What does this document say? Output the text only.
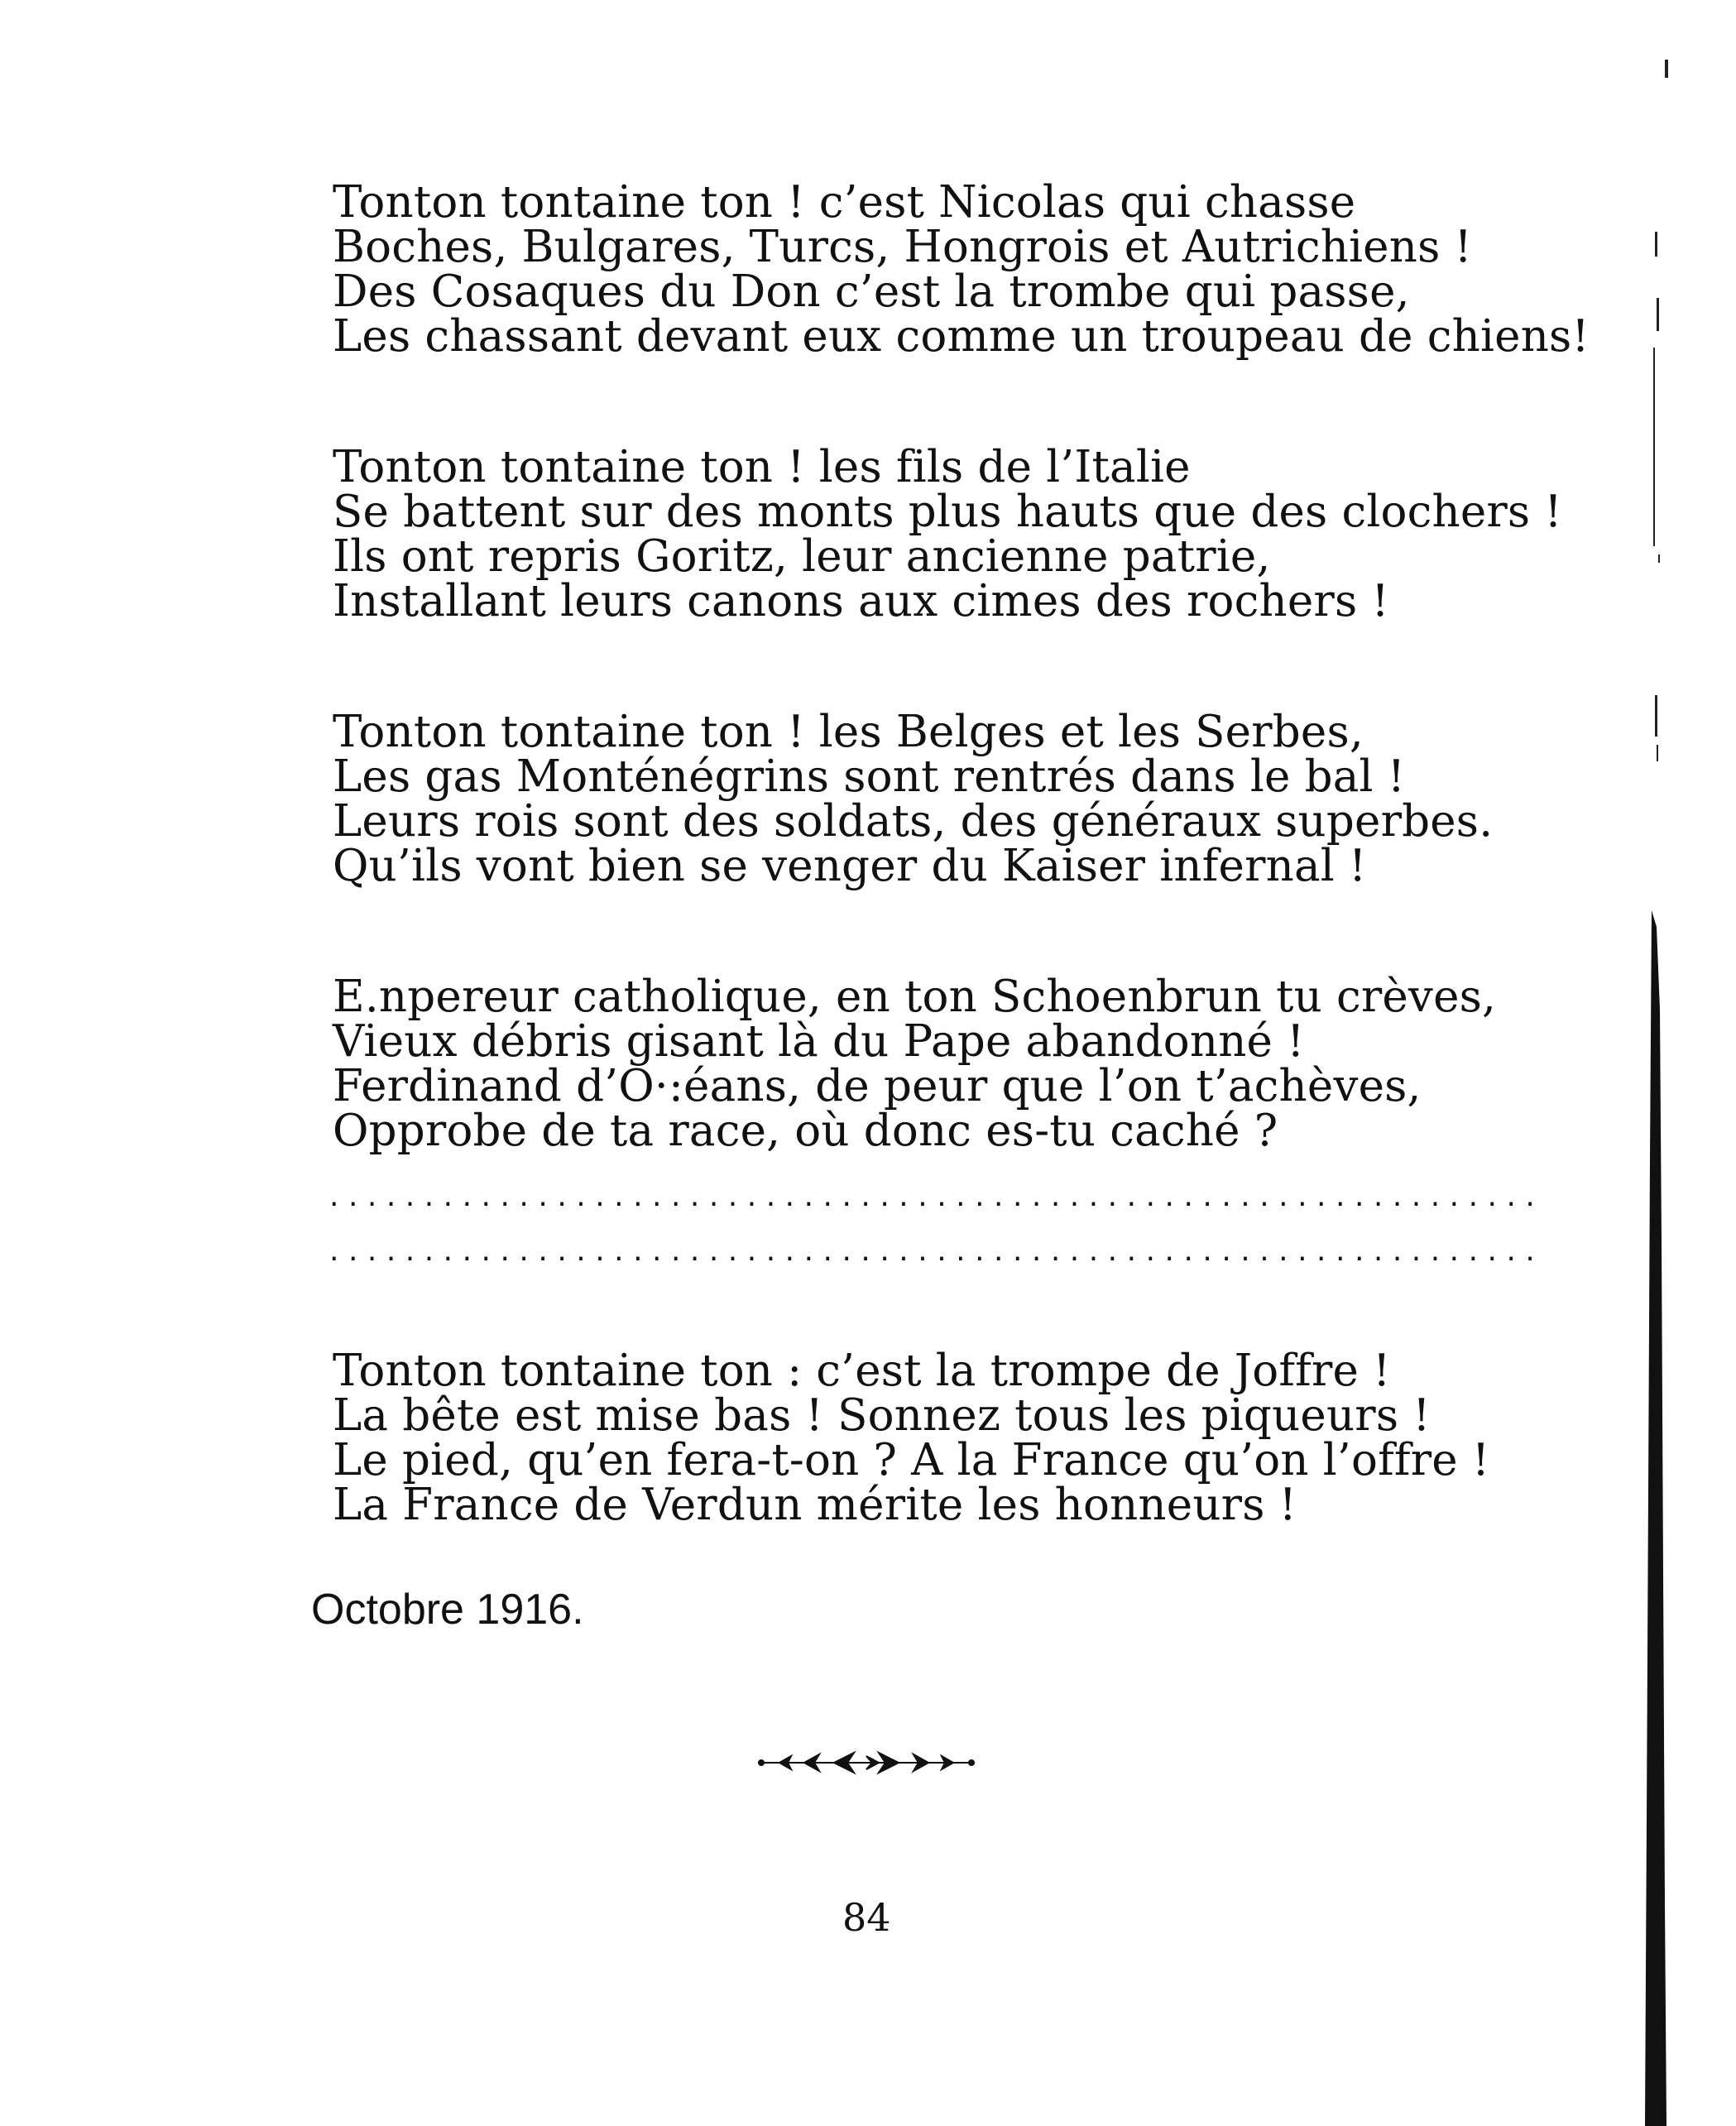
Tonton tontaine ton ! c’est Nicolas qui chasse
Boches, Bulgares, Turcs, Hongrois et Autrichiens !
Des Cosaques du Don c’est la trombe qui passe,
Les chassant devant eux comme un troupeau de chiens!
Tonton tontaine ton ! les fils de l’Italie
Se battent sur des monts plus hauts que des clochers !
Ils ont repris Goritz, leur ancienne patrie,
Installant leurs canons aux cimes des rochers !
Tonton tontaine ton ! les Belges et les Serbes,
Les gas Monténégrins sont rentrés dans le bal !
Leurs rois sont des soldats, des généraux superbes.
Qu’ils vont bien se venger du Kaiser infernal !
E.npereur catholique, en ton Schoenbrun tu crèves,
Vieux débris gisant là du Pape abandonné !
Ferdinand d’O·:éans, de peur que l’on t’achèves,
Opprobe de ta race, où donc es-tu caché ?
................................................................
................................................................
Tonton tontaine ton : c’est la trompe de Joffre !
La bête est mise bas ! Sonnez tous les piqueurs !
Le pied, qu’en fera-t-on ? A la France qu’on l’offre !
La France de Verdun mérite les honneurs !
Octobre 1916.
84
